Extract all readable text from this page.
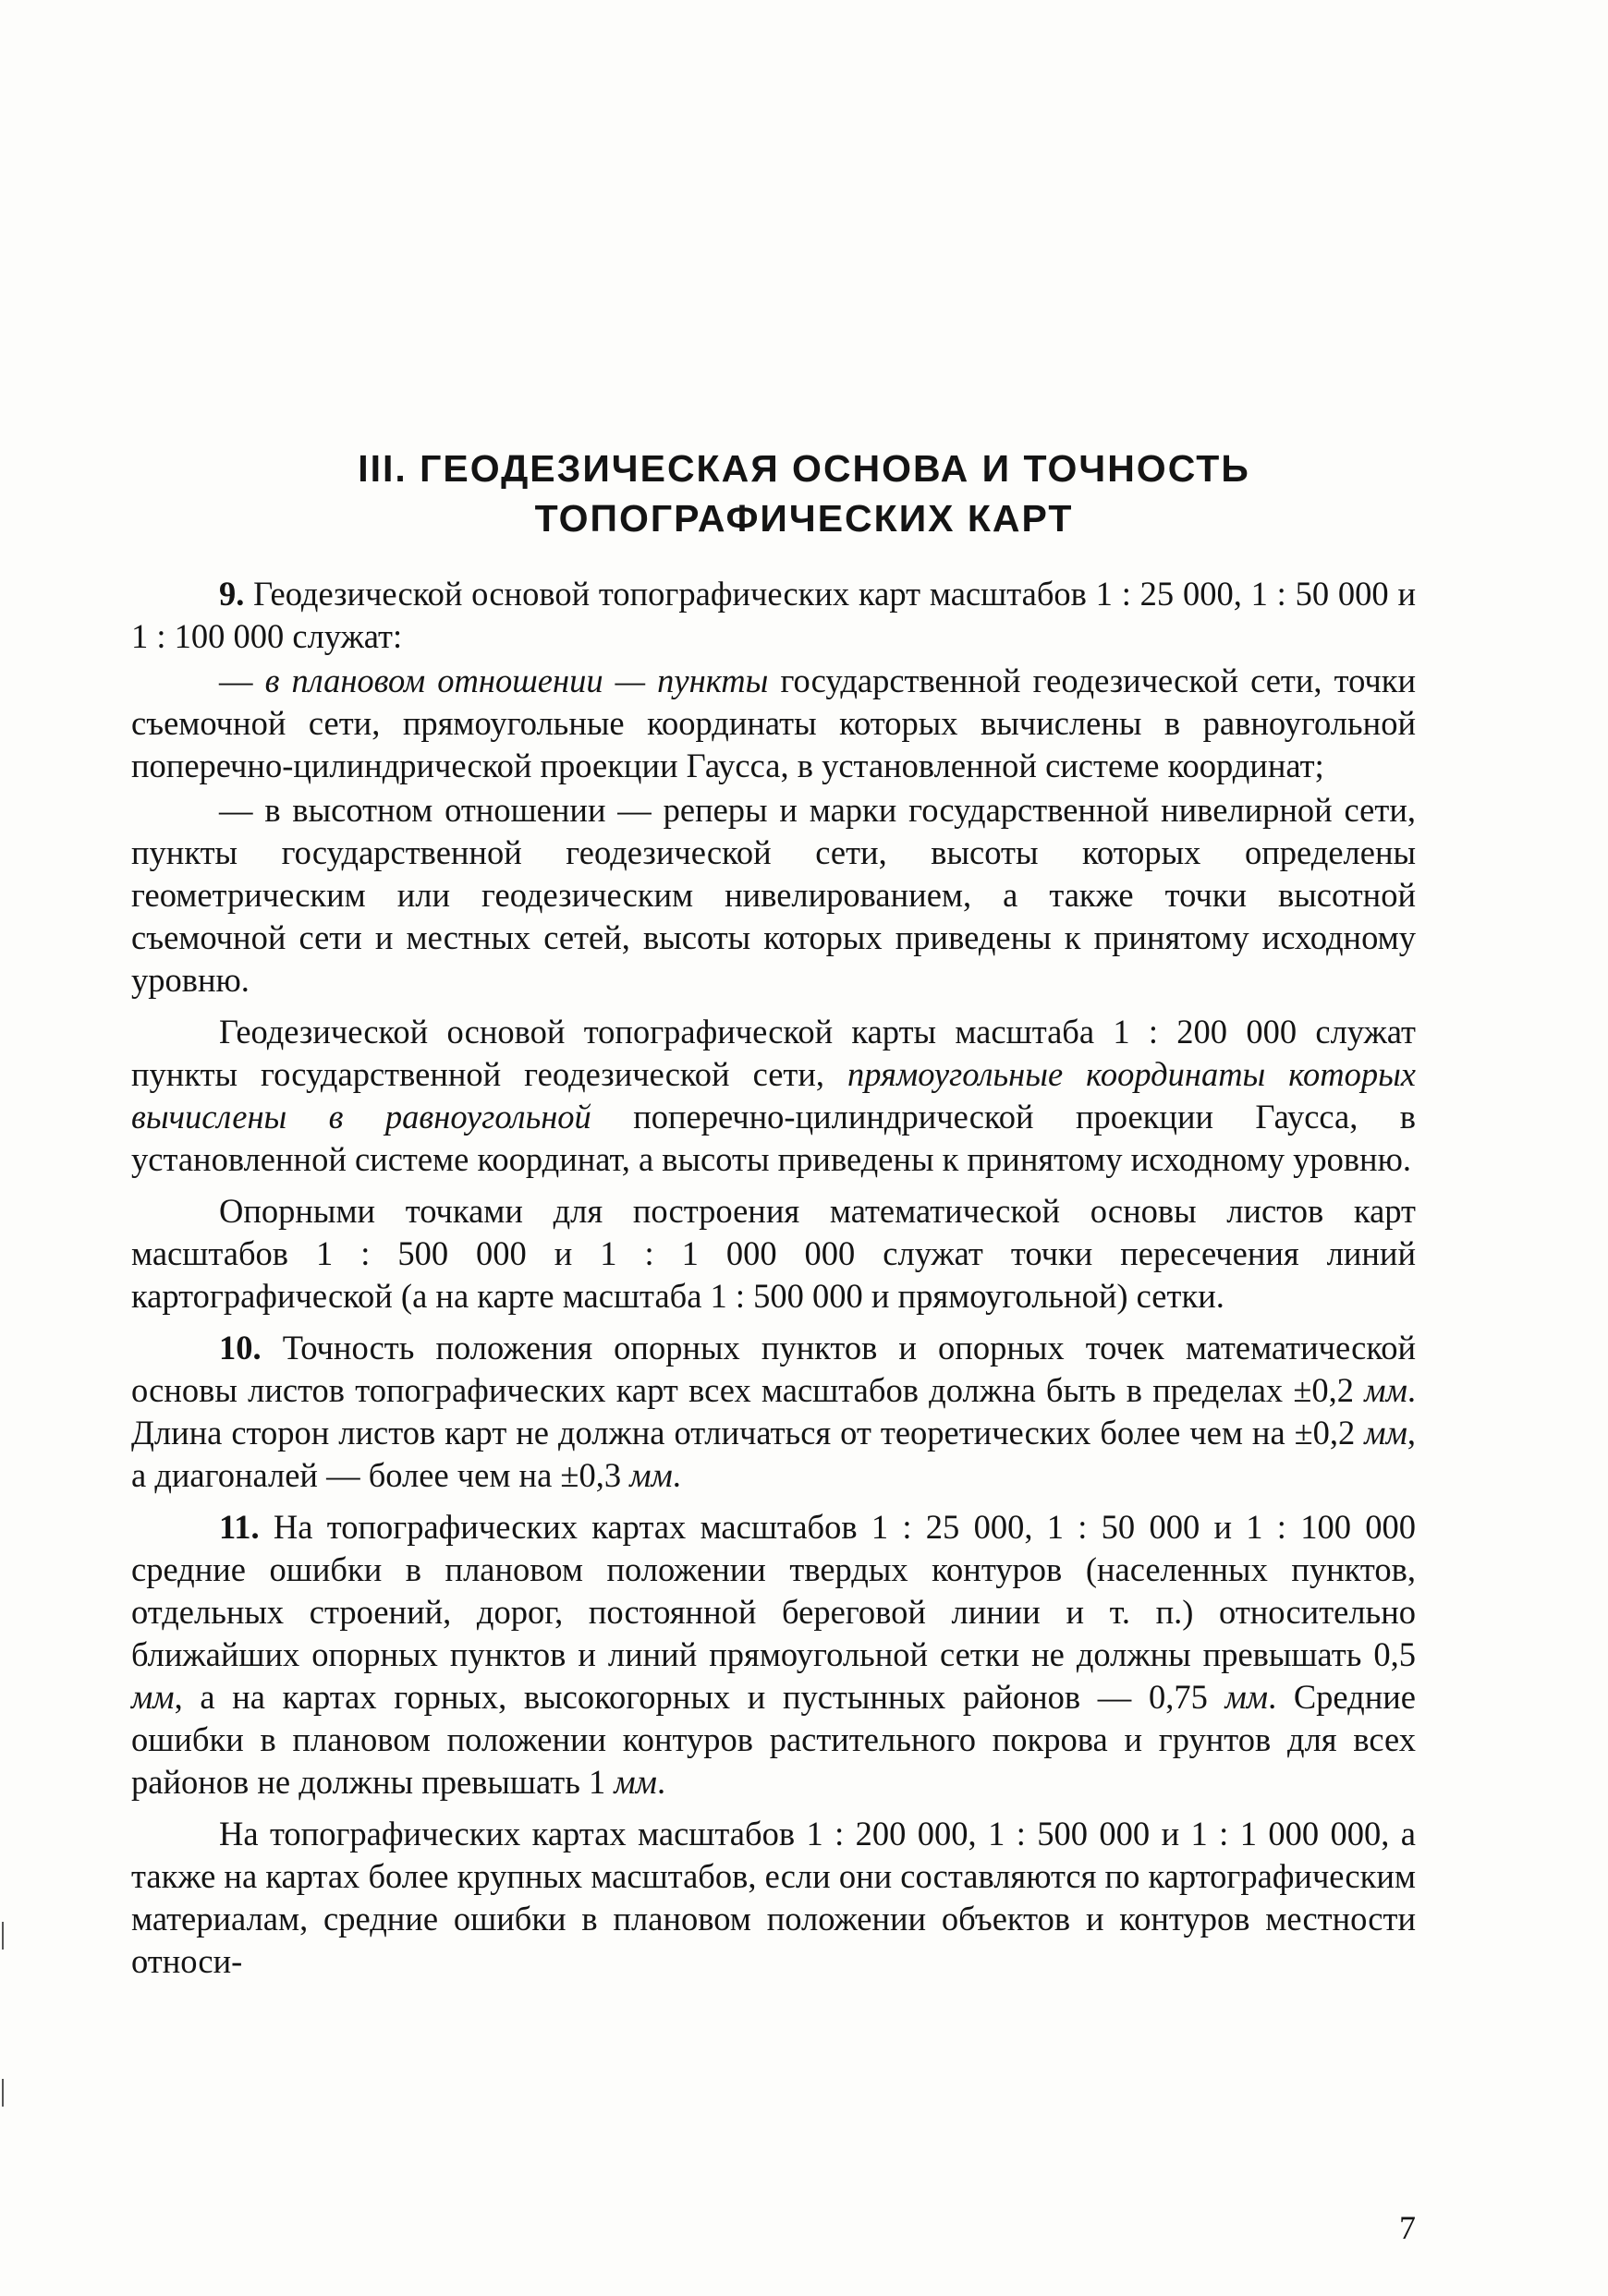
III. ГЕОДЕЗИЧЕСКАЯ ОСНОВА И ТОЧНОСТЬ
ТОПОГРАФИЧЕСКИХ КАРТ

9. Геодезической основой топографических карт масштабов 1 : 25 000, 1 : 50 000 и 1 : 100 000 служат:

— в плановом отношении — пункты государственной геодезической сети, точки съемочной сети, прямоугольные координаты которых вычислены в равноугольной поперечно-цилиндрической проекции Гаусса, в установленной системе координат;

— в высотном отношении — реперы и марки государственной нивелирной сети, пункты государственной геодезической сети, высоты которых определены геометрическим или геодезическим нивелированием, а также точки высотной съемочной сети и местных сетей, высоты которых приведены к принятому исходному уровню.

Геодезической основой топографической карты масштаба 1 : 200 000 служат пункты государственной геодезической сети, прямоугольные координаты которых вычислены в равноугольной поперечно-цилиндрической проекции Гаусса, в установленной системе координат, а высоты приведены к принятому исходному уровню.

Опорными точками для построения математической основы листов карт масштабов 1 : 500 000 и 1 : 1 000 000 служат точки пересечения линий картографической (а на карте масштаба 1 : 500 000 и прямоугольной) сетки.

10. Точность положения опорных пунктов и опорных точек математической основы листов топографических карт всех масштабов должна быть в пределах ±0,2 мм. Длина сторон листов карт не должна отличаться от теоретических более чем на ±0,2 мм, а диагоналей — более чем на ±0,3 мм.

11. На топографических картах масштабов 1 : 25 000, 1 : 50 000 и 1 : 100 000 средние ошибки в плановом положении твердых контуров (населенных пунктов, отдельных строений, дорог, постоянной береговой линии и т. п.) относительно ближайших опорных пунктов и линий прямоугольной сетки не должны превышать 0,5 мм, а на картах горных, высокогорных и пустынных районов — 0,75 мм. Средние ошибки в плановом положении контуров растительного покрова и грунтов для всех районов не должны превышать 1 мм.

На топографических картах масштабов 1 : 200 000, 1 : 500 000 и 1 : 1 000 000, а также на картах более крупных масштабов, если они составляются по картографическим материалам, средние ошибки в плановом положении объектов и контуров местности относи-

7
